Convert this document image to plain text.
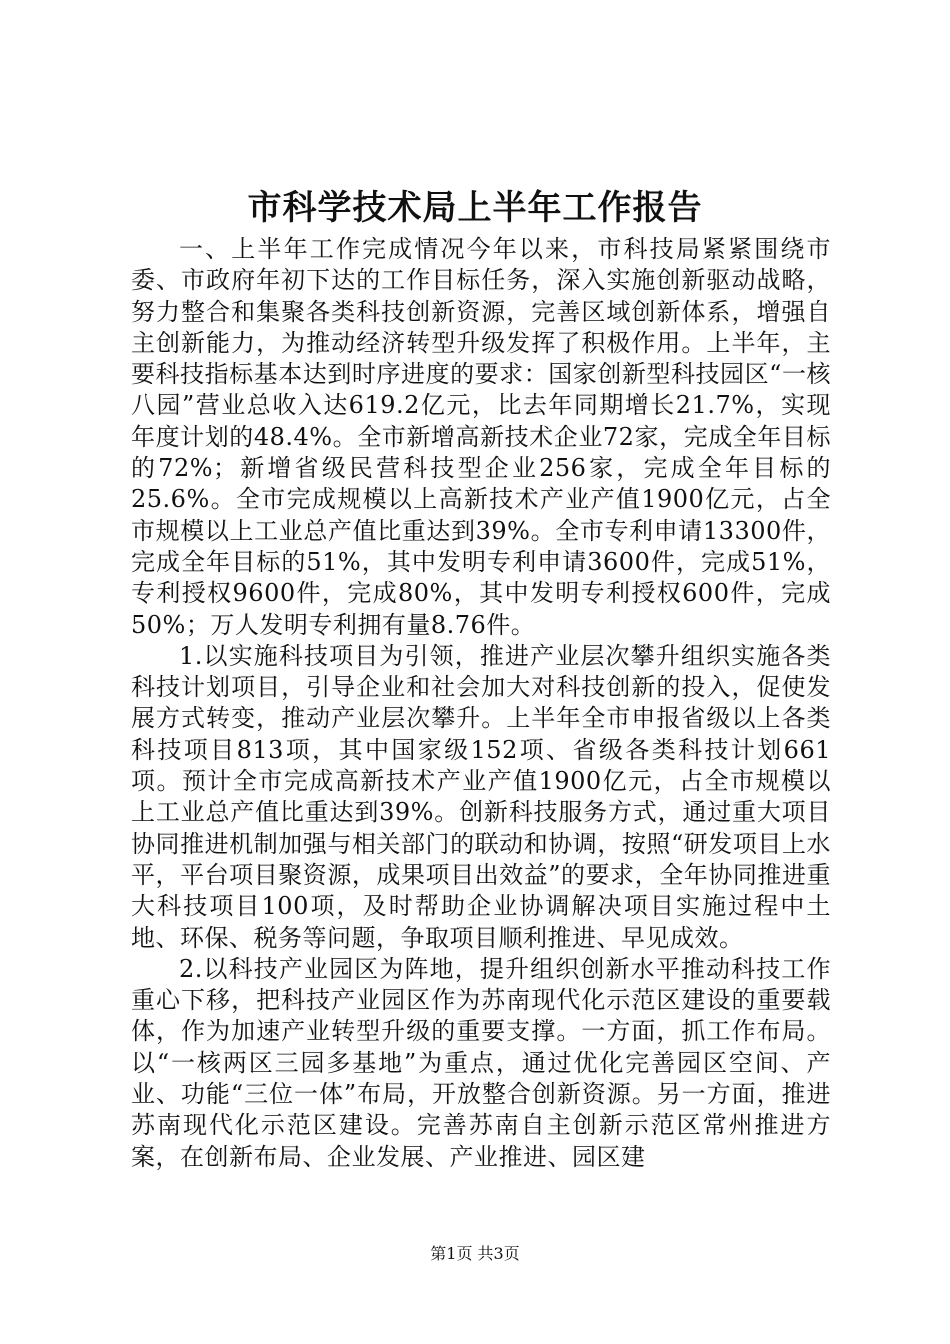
市科学技术局上半年工作报告

一、上半年工作完成情况今年以来，市科技局紧紧围绕市委、市政府年初下达的工作目标任务，深入实施创新驱动战略，努力整合和集聚各类科技创新资源，完善区域创新体系，增强自主创新能力，为推动经济转型升级发挥了积极作用。上半年，主要科技指标基本达到时序进度的要求：国家创新型科技园区“一核八园”营业总收入达619.2亿元，比去年同期增长21.7%，实现年度计划的48.4%。全市新增高新技术企业72家，完成全年目标的72%；新增省级民营科技型企业256家，完成全年目标的25.6%。全市完成规模以上高新技术产业产值1900亿元，占全市规模以上工业总产值比重达到39%。全市专利申请13300件，完成全年目标的51%，其中发明专利申请3600件，完成51%，专利授权9600件，完成80%，其中发明专利授权600件，完成50%；万人发明专利拥有量8.76件。

1.以实施科技项目为引领，推进产业层次攀升组织实施各类科技计划项目，引导企业和社会加大对科技创新的投入，促使发展方式转变，推动产业层次攀升。上半年全市申报省级以上各类科技项目813项，其中国家级152项、省级各类科技计划661项。预计全市完成高新技术产业产值1900亿元，占全市规模以上工业总产值比重达到39%。创新科技服务方式，通过重大项目协同推进机制加强与相关部门的联动和协调，按照“研发项目上水平，平台项目聚资源，成果项目出效益”的要求，全年协同推进重大科技项目100项，及时帮助企业协调解决项目实施过程中土地、环保、税务等问题，争取项目顺利推进、早见成效。

2.以科技产业园区为阵地，提升组织创新水平推动科技工作重心下移，把科技产业园区作为苏南现代化示范区建设的重要载体，作为加速产业转型升级的重要支撑。一方面，抓工作布局。以“一核两区三园多基地”为重点，通过优化完善园区空间、产业、功能“三位一体”布局，开放整合创新资源。另一方面，推进苏南现代化示范区建设。完善苏南自主创新示范区常州推进方案，在创新布局、企业发展、产业推进、园区建

第1页 共3页
